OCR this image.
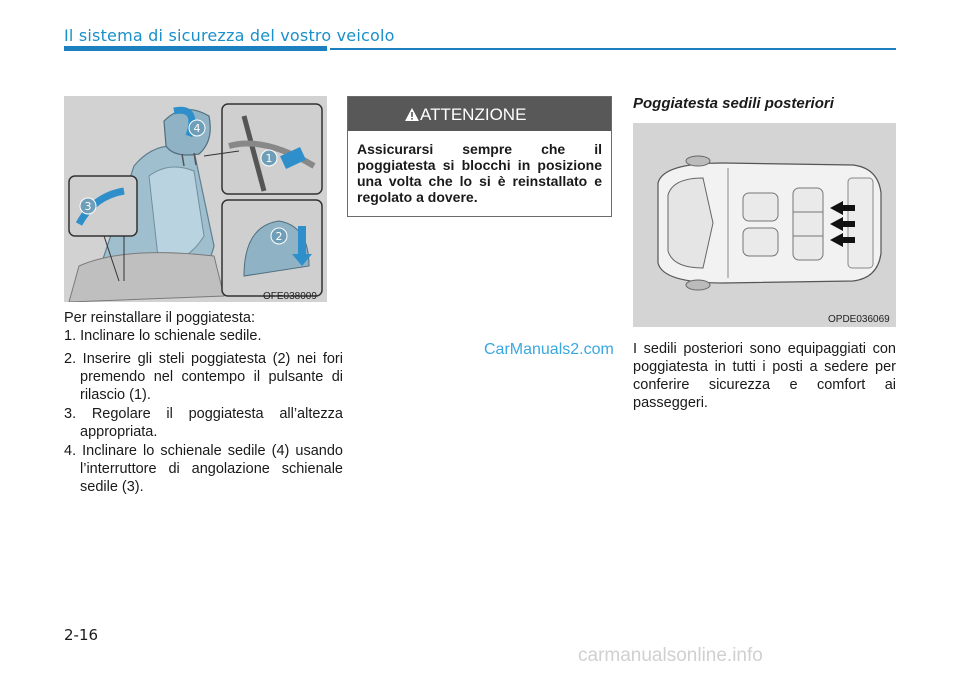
Il sistema di sicurezza del vostro veicolo
1
2
3
4
OFE038009
Per reinstallare il poggiatesta:
1. Inclinare lo schienale sedile.
2. Inserire gli steli poggiatesta (2) nei fori premendo nel contempo il pulsante di rilascio (1).
3. Regolare il poggiatesta all’altezza appropriata.
4. Inclinare lo schienale sedile (4) usando l’interruttore di angolazione schienale sedile (3).
ATTENZIONE
Assicurarsi sempre che il poggiatesta si blocchi in posizione una volta che lo si è reinstallato e regolato a dovere.
CarManuals2.com
Poggiatesta sedili posteriori
OPDE036069
I sedili posteriori sono equipaggiati con poggiatesta in tutti i posti a sedere per conferire sicurezza e comfort ai passeggeri.
2-16
carmanualsonline.info
